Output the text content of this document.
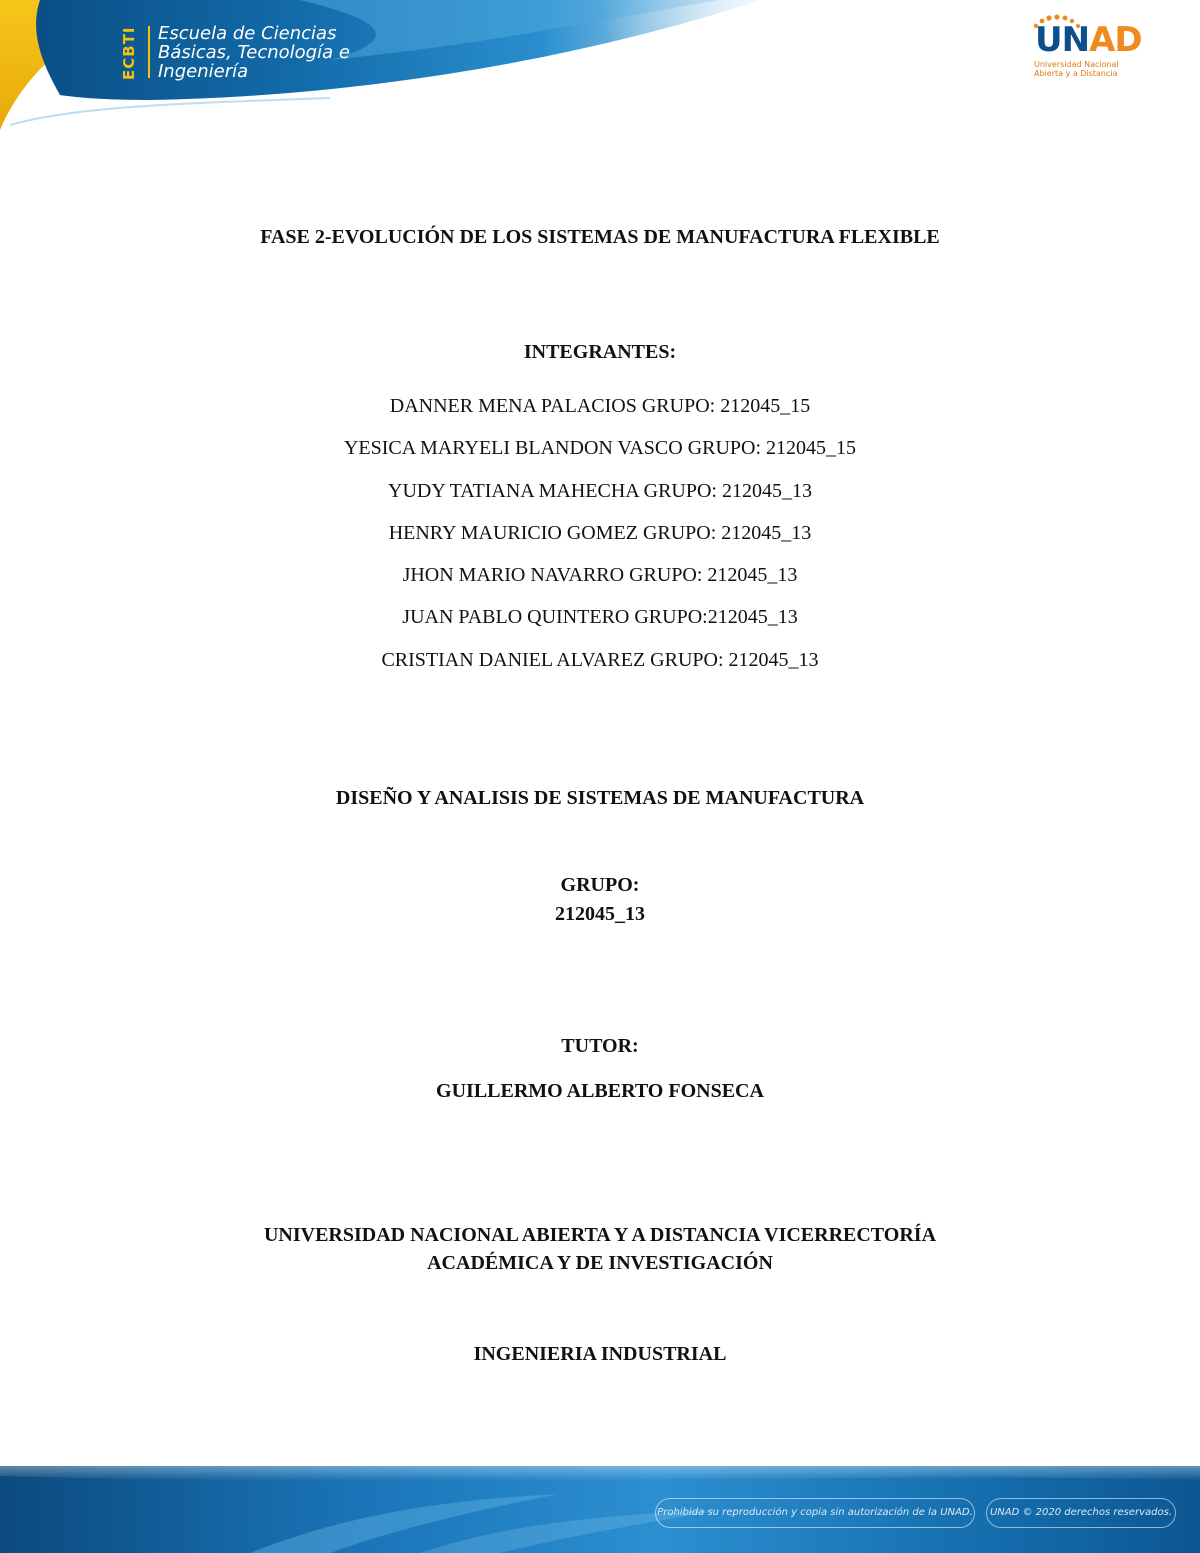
ECBTI Escuela de Ciencias
Básicas, Tecnología e
Ingeniería

UNAD
Universidad Nacional
Abierta y a Distancia

FASE 2-EVOLUCIÓN DE LOS SISTEMAS DE MANUFACTURA FLEXIBLE

INTEGRANTES:

DANNER MENA PALACIOS GRUPO: 212045_15
YESICA MARYELI BLANDON VASCO GRUPO: 212045_15
YUDY TATIANA MAHECHA GRUPO: 212045_13
HENRY MAURICIO GOMEZ GRUPO: 212045_13
JHON MARIO NAVARRO GRUPO: 212045_13
JUAN PABLO QUINTERO GRUPO:212045_13
CRISTIAN DANIEL ALVAREZ GRUPO: 212045_13

DISEÑO Y ANALISIS DE SISTEMAS DE MANUFACTURA

GRUPO:

212045_13

TUTOR:

GUILLERMO ALBERTO FONSECA

UNIVERSIDAD NACIONAL ABIERTA Y A DISTANCIA VICERRECTORÍA

ACADÉMICA Y DE INVESTIGACIÓN

INGENIERIA INDUSTRIAL

Prohibida su reproducción y copia sin autorización de la UNAD.	UNAD © 2020 derechos reservados.
